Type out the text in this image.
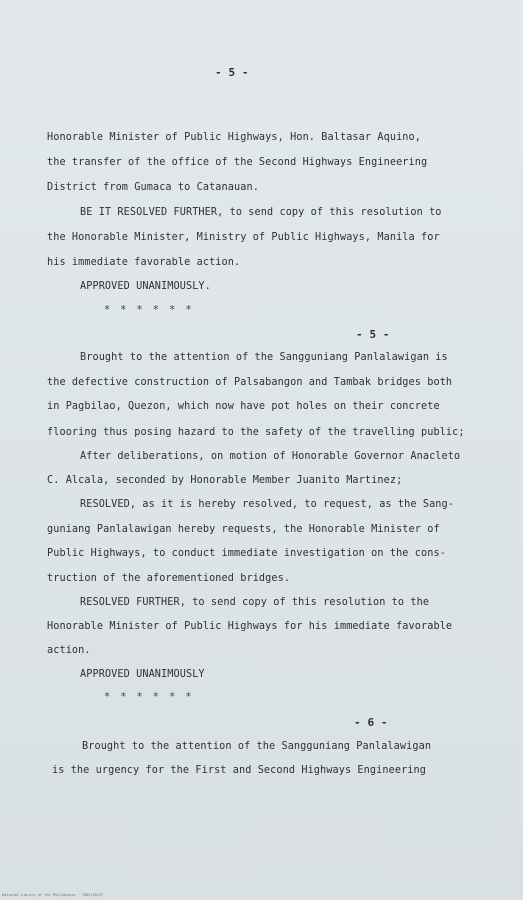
- 5 -
Honorable Minister of Public Highways, Hon. Baltasar Aquino,
the transfer of the office of the Second Highways Engineering
District from Gumaca to Catanauan.
BE IT RESOLVED FURTHER, to send copy of this resolution to
the Honorable Minister, Ministry of Public Highways, Manila for
his immediate favorable action.
APPROVED UNANIMOUSLY.
* * * * * *
- 5 -
Brought to the attention of the Sangguniang Panlalawigan is
the defective construction of Palsabangon and Tambak bridges both
in Pagbilao, Quezon, which now have pot holes on their concrete
flooring thus posing hazard to the safety of the travelling public;
After deliberations, on motion of Honorable Governor Anacleto
C. Alcala, seconded by Honorable Member Juanito Martinez;
RESOLVED, as it is hereby resolved, to request, as the Sang-
guniang Panlalawigan hereby requests, the Honorable Minister of
Public Highways, to conduct immediate investigation on the cons-
truction of the aforementioned bridges.
RESOLVED FURTHER, to send copy of this resolution to the
Honorable Minister of Public Highways for his immediate favorable
action.
APPROVED UNANIMOUSLY
* * * * * *
- 6 -
Brought to the attention of the Sangguniang Panlalawigan
is the urgency for the First and Second Highways Engineering
National Library of the Philippines · 1982/05/27
